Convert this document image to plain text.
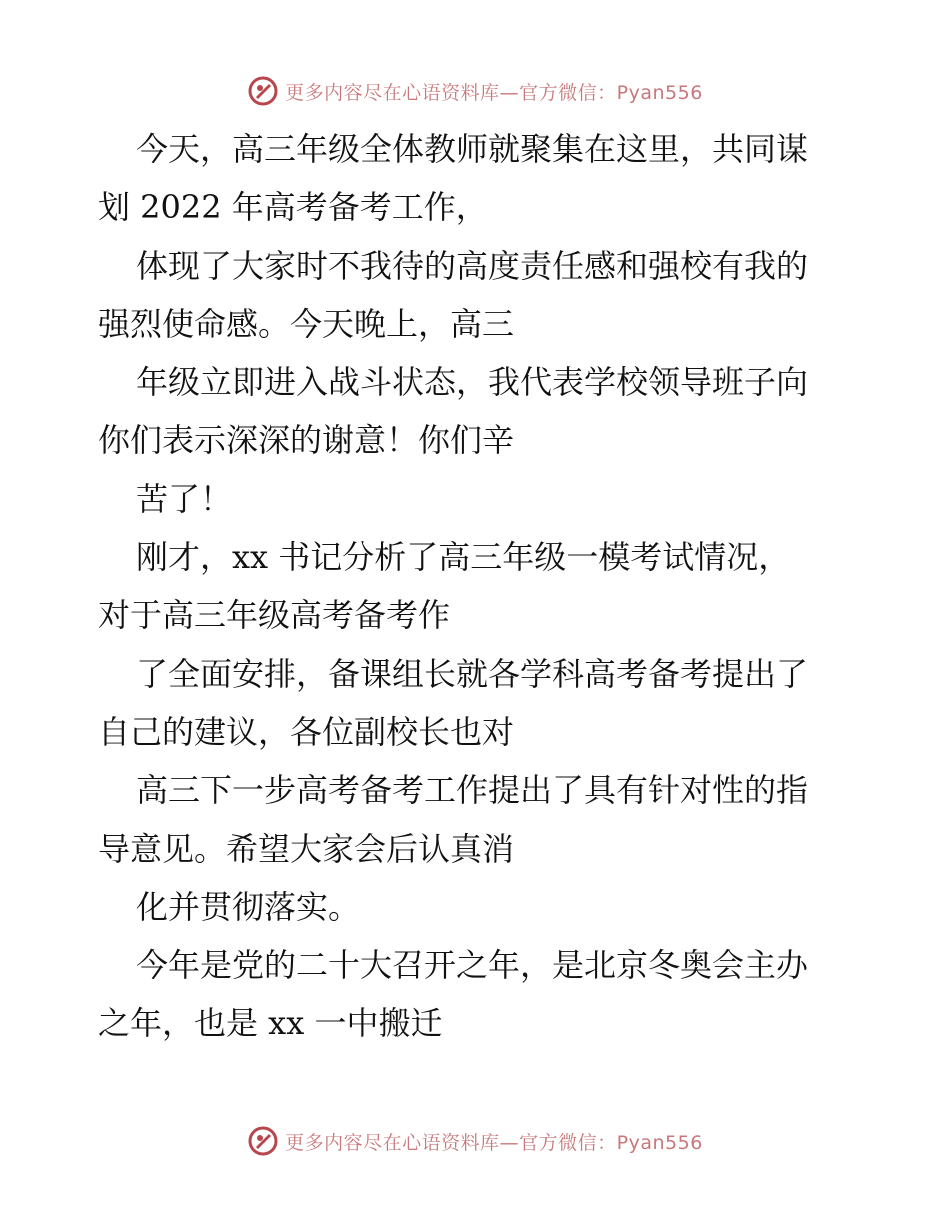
更多内容尽在心语资料库—官方微信：Pyan556
今天，高三年级全体教师就聚集在这里，共同谋
划 2022 年高考备考工作，
体现了大家时不我待的高度责任感和强校有我的
强烈使命感。今天晚上，高三
年级立即进入战斗状态，我代表学校领导班子向
你们表示深深的谢意！你们辛
苦了！
刚才，xx 书记分析了高三年级一模考试情况，
对于高三年级高考备考作
了全面安排，备课组长就各学科高考备考提出了
自己的建议，各位副校长也对
高三下一步高考备考工作提出了具有针对性的指
导意见。希望大家会后认真消
化并贯彻落实。
今年是党的二十大召开之年，是北京冬奥会主办
之年，也是 xx 一中搬迁
更多内容尽在心语资料库—官方微信：Pyan556
